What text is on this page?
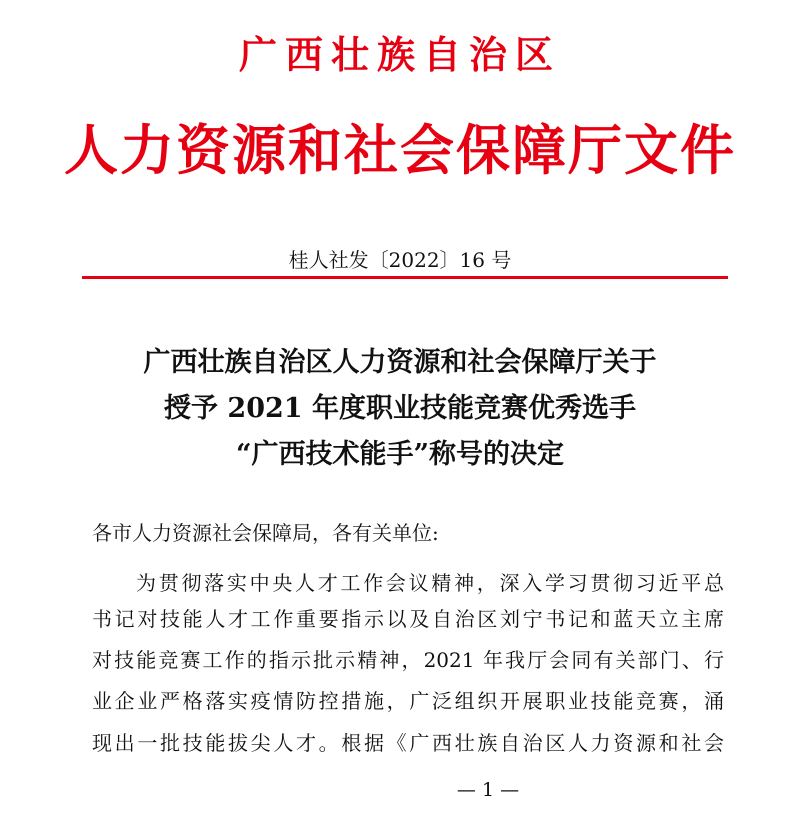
广西壮族自治区
人力资源和社会保障厅文件
桂人社发〔2022〕16 号
广西壮族自治区人力资源和社会保障厅关于
授予 2021 年度职业技能竞赛优秀选手
“广西技术能手”称号的决定
各市人力资源社会保障局，各有关单位:
为贯彻落实中央人才工作会议精神，深入学习贯彻习近平总
书记对技能人才工作重要指示以及自治区刘宁书记和蓝天立主席
对技能竞赛工作的指示批示精神，2021 年我厅会同有关部门、行
业企业严格落实疫情防控措施，广泛组织开展职业技能竞赛，涌
现出一批技能拔尖人才。根据《广西壮族自治区人力资源和社会
— 1 —
